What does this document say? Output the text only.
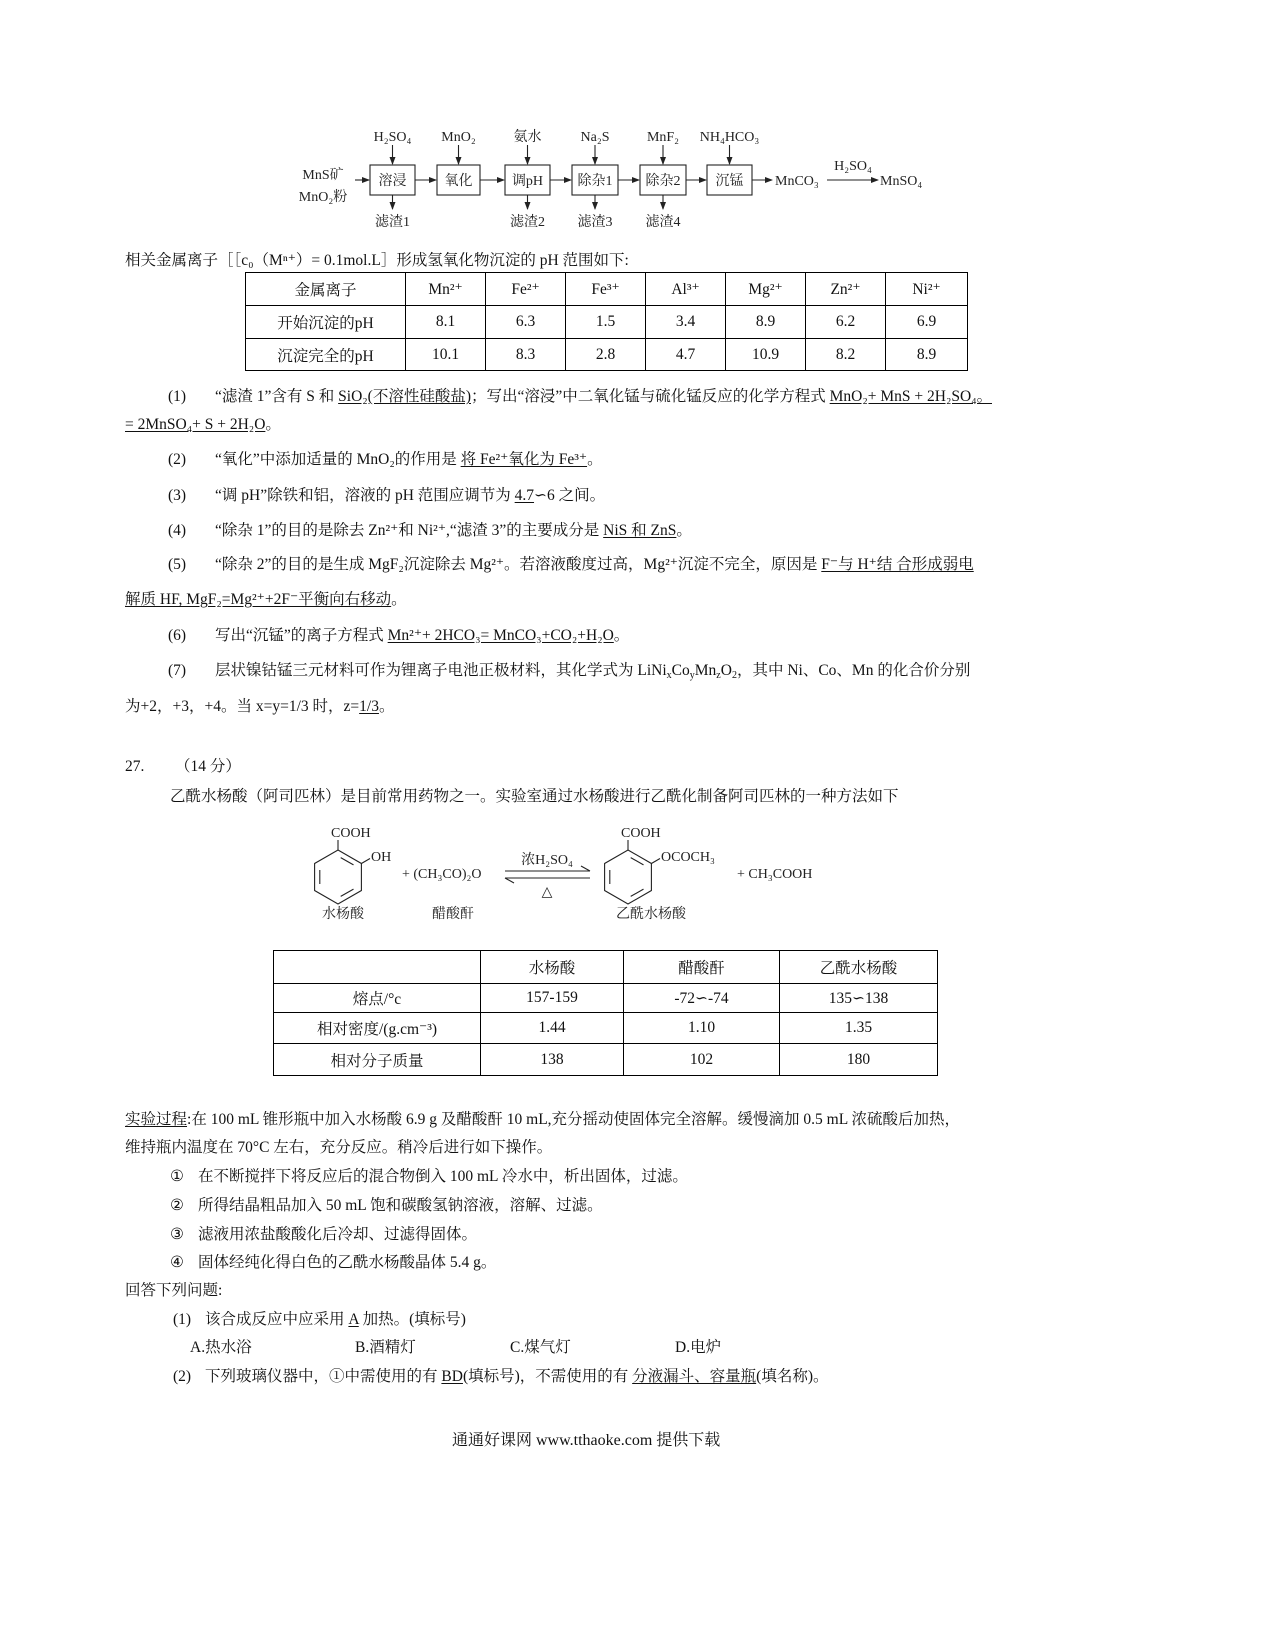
MnS矿
MnO₂粉
H₂SO₄
溶浸
滤渣1
MnO₂
氧化
氨水
调pH
滤渣2
Na₂S
除杂1
滤渣3
MnF₂
除杂2
滤渣4
NH₄HCO₃
沉锰 MnCO₃
H₂SO₄
MnSO₄
相关金属离子［［c₀（Mⁿ⁺）= 0.1mol.L］形成氢氧化物沉淀的 pH 范围如下:
金属离子	Mn²⁺	Fe²⁺	Fe³⁺	Al³⁺	Mg²⁺	Zn²⁺	Ni²⁺
开始沉淀的pH	8.1	6.3	1.5	3.4	8.9	6.2	6.9
沉淀完全的pH	10.1	8.3	2.8	4.7	10.9	8.2	8.9
(1) “滤渣 1”含有 S 和 SiO₂(不溶性硅酸盐)；写出“溶浸”中二氧化锰与硫化锰反应的化学方程式 MnO₂+ MnS + 2H₂SO₄。
= 2MnSO₄+ S + 2H₂O。
(2) “氧化”中添加适量的 MnO₂的作用是 将 Fe²⁺氧化为 Fe³⁺。
(3) “调 pH”除铁和铝，溶液的 pH 范围应调节为 4.7∽6 之间。
(4) “除杂 1”的目的是除去 Zn²⁺和 Ni²⁺,“滤渣 3”的主要成分是 NiS 和 ZnS。
(5) “除杂 2”的目的是生成 MgF₂沉淀除去 Mg²⁺。若溶液酸度过高，Mg²⁺沉淀不完全，原因是 F⁻与 H⁺结 合形成弱电
解质 HF, MgF₂=Mg²⁺+2F⁻平衡向右移动。
(6) 写出“沉锰”的离子方程式 Mn²⁺+ 2HCO₃= MnCO₃+CO₂+H₂O。
(7) 层状镍钴锰三元材料可作为锂离子电池正极材料，其化学式为 $LiNi_xCo_yMn_zO_2$，其中 Ni、Co、Mn 的化合价分别
为+2，+3，+4。当 x=y=1/3 时，z=1/3。
27. （14 分）
乙酰水杨酸（阿司匹林）是目前常用药物之一。实验室通过水杨酸进行乙酰化制备阿司匹林的一种方法如下
COOH
OH
水杨酸
+ (CH₃CO)₂O
醋酸酐
浓H₂SO₄
△
COOH
OCOCH₃
乙酰水杨酸
+ CH₃COOH
	水杨酸	醋酸酐	乙酰水杨酸
熔点/°c	157-159	-72∽-74	135∽138
相对密度/(g.cm⁻³)	1.44	1.10	1.35
相对分子质量	138	102	180
实验过程:在 100 mL 锥形瓶中加入水杨酸 6.9 g 及醋酸酐 10 mL,充分摇动使固体完全溶解。缓慢滴加 0.5 mL 浓硫酸后加热，
维持瓶内温度在 70°C 左右，充分反应。稍冷后进行如下操作。
① 在不断搅拌下将反应后的混合物倒入 100 mL 冷水中，析出固体，过滤。
② 所得结晶粗品加入 50 mL 饱和碳酸氢钠溶液，溶解、过滤。
③ 滤液用浓盐酸酸化后冷却、过滤得固体。
④ 固体经纯化得白色的乙酰水杨酸晶体 5.4 g。
回答下列问题:
(1) 该合成反应中应采用 A 加热。(填标号)
A.热水浴	B.酒精灯	C.煤气灯	D.电炉
(2) 下列玻璃仪器中，①中需使用的有 BD(填标号)，不需使用的有 分液漏斗、容量瓶(填名称)。
通通好课网 www.tthaoke.com 提供下载
